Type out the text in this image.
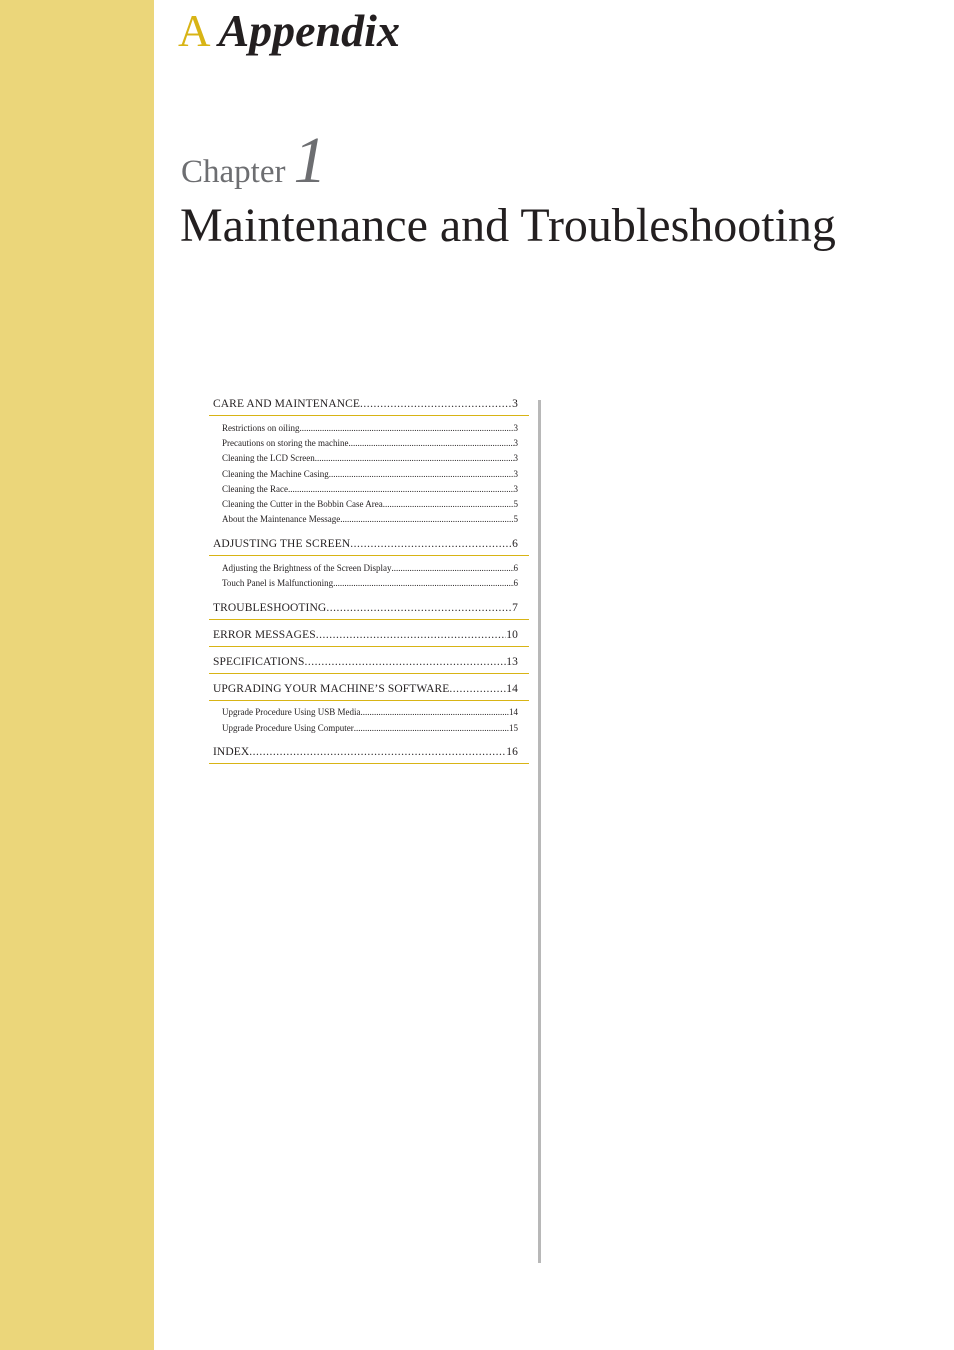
A Appendix
Chapter 1
Maintenance and Troubleshooting
CARE AND MAINTENANCE .....	3
Restrictions on oiling .....	3
Precautions on storing the machine .....	3
Cleaning the LCD Screen .....	3
Cleaning the Machine Casing .....	3
Cleaning the Race .....	3
Cleaning the Cutter in the Bobbin Case Area .....	5
About the Maintenance Message .....	5
ADJUSTING THE SCREEN .....	6
Adjusting the Brightness of the Screen Display .....	6
Touch Panel is Malfunctioning .....	6
TROUBLESHOOTING .....	7
ERROR MESSAGES .....	10
SPECIFICATIONS .....	13
UPGRADING YOUR MACHINE’S SOFTWARE .....	14
Upgrade Procedure Using USB Media .....	14
Upgrade Procedure Using Computer .....	15
INDEX .....	16
